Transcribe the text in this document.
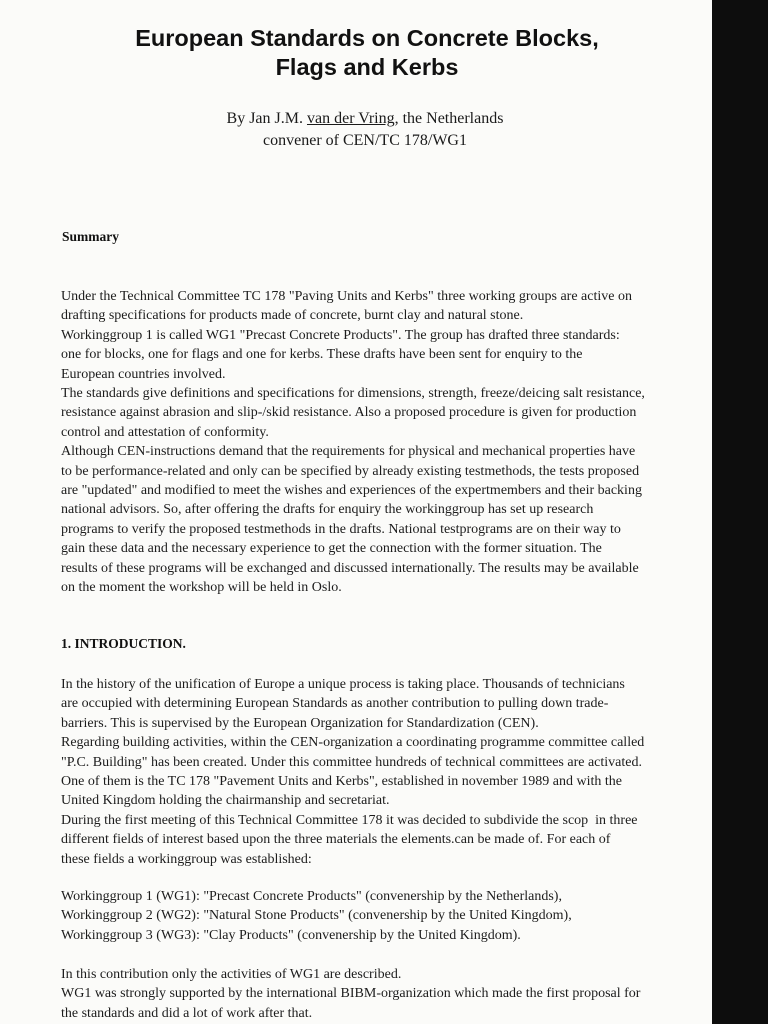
European Standards on Concrete Blocks,
Flags and Kerbs
By Jan J.M. van der Vring, the Netherlands
convener of CEN/TC 178/WG1
Summary

Under the Technical Committee TC 178 "Paving Units and Kerbs" three working groups are active on

drafting specifications for products made of concrete, burnt clay and natural stone.

Workinggroup 1 is called WG1 "Precast Concrete Products". The group has drafted three standards:

one for blocks, one for flags and one for kerbs. These drafts have been sent for enquiry to the

European countries involved.

The standards give definitions and specifications for dimensions, strength, freeze/deicing salt resistance,

resistance against abrasion and slip-/skid resistance. Also a proposed procedure is given for production

control and attestation of conformity.

Although CEN-instructions demand that the requirements for physical and mechanical properties have

to be performance-related and only can be specified by already existing testmethods, the tests proposed

are "updated" and modified to meet the wishes and experiences of the expertmembers and their backing

national advisors. So, after offering the drafts for enquiry the workinggroup has set up research

programs to verify the proposed testmethods in the drafts. National testprograms are on their way to

gain these data and the necessary experience to get the connection with the former situation. The

results of these programs will be exchanged and discussed internationally. The results may be available

on the moment the workshop will be held in Oslo.

1. INTRODUCTION.

In the history of the unification of Europe a unique process is taking place. Thousands of technicians

are occupied with determining European Standards as another contribution to pulling down trade-

barriers. This is supervised by the European Organization for Standardization (CEN).

Regarding building activities, within the CEN-organization a coordinating programme committee called

"P.C. Building" has been created. Under this committee hundreds of technical committees are activated.

One of them is the TC 178 "Pavement Units and Kerbs", established in november 1989 and with the

United Kingdom holding the chairmanship and secretariat.

During the first meeting of this Technical Committee 178 it was decided to subdivide the scop  in three

different fields of interest based upon the three materials the elements.can be made of. For each of

these fields a workinggroup was established:

Workinggroup 1 (WG1): "Precast Concrete Products" (convenership by the Netherlands),

Workinggroup 2 (WG2): "Natural Stone Products" (convenership by the United Kingdom),

Workinggroup 3 (WG3): "Clay Products" (convenership by the United Kingdom).

In this contribution only the activities of WG1 are described.

WG1 was strongly supported by the international BIBM-organization which made the first proposal for

the standards and did a lot of work after that.
